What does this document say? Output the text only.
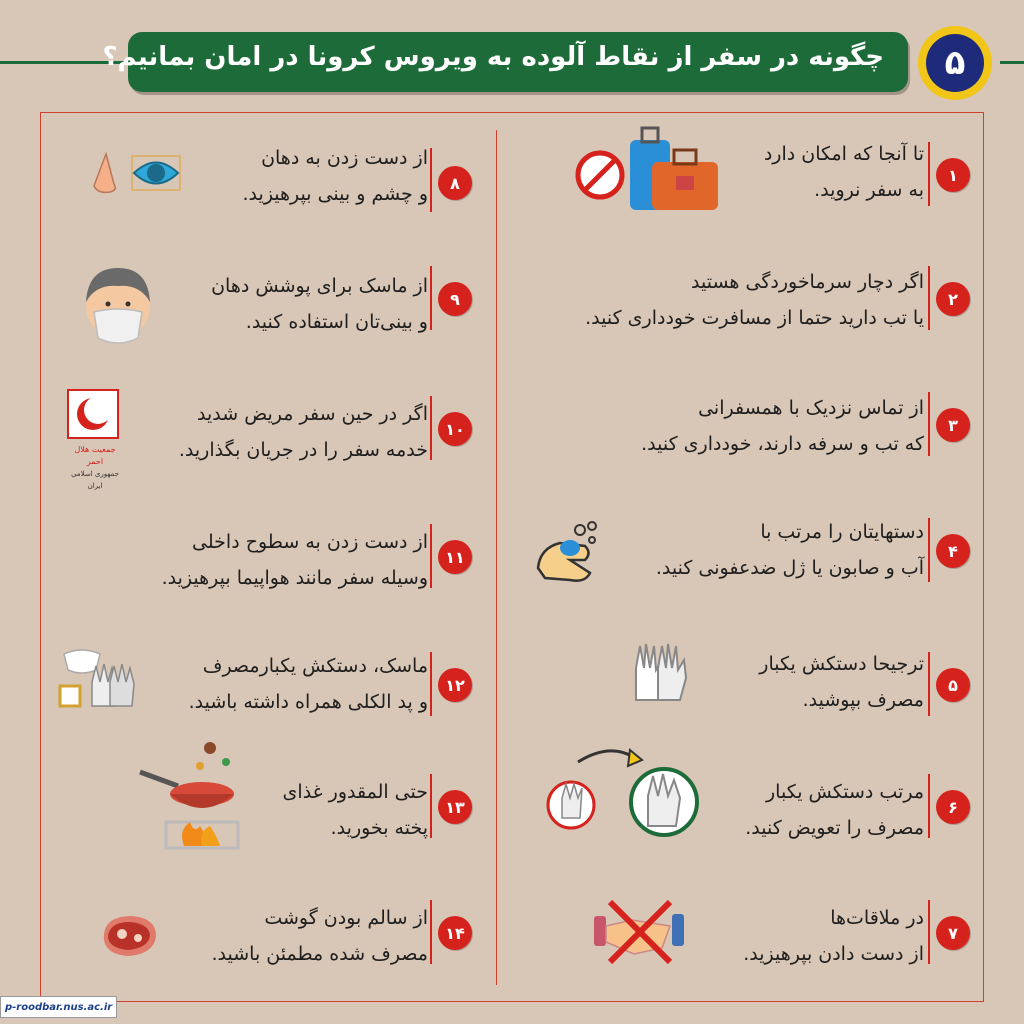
چگونه در سفر از نقاط آلوده به ویروس کرونا در امان بمانیم؟	۵
۱
تا آنجا که امکان دارد
به سفر نروید.
۲
اگر دچار سرماخوردگی هستید
یا تب دارید حتما از مسافرت خودداری کنید.
۳
از تماس نزدیک با همسفرانی
که تب و سرفه دارند، خودداری کنید.
۴
دستهایتان را مرتب با
آب و صابون یا ژل ضدعفونی کنید.
۵
ترجیحا دستکش یکبار
مصرف بپوشید.
۶
مرتب دستکش یکبار
مصرف را تعویض کنید.
۷
در ملاقات‌ها
از دست دادن بپرهیزید.
۸
از دست زدن به دهان
و چشم و بینی بپرهیزید.
۹
از ماسک برای پوشش دهان
و بینی‌تان استفاده کنید.
۱۰
اگر در حین سفر مریض شدید
خدمه سفر را در جریان بگذارید.
جمعیت هلال احمر
جمهوری اسلامی ایران
۱۱
از دست زدن به سطوح داخلی
وسیله سفر مانند هواپیما بپرهیزید.
۱۲
ماسک، دستکش یکبارمصرف
و پد الکلی همراه داشته باشید.
۱۳
حتی المقدور غذای
پخته بخورید.
۱۴
از سالم بودن گوشت
مصرف شده مطمئن باشید.
p-roodbar.nus.ac.ir
